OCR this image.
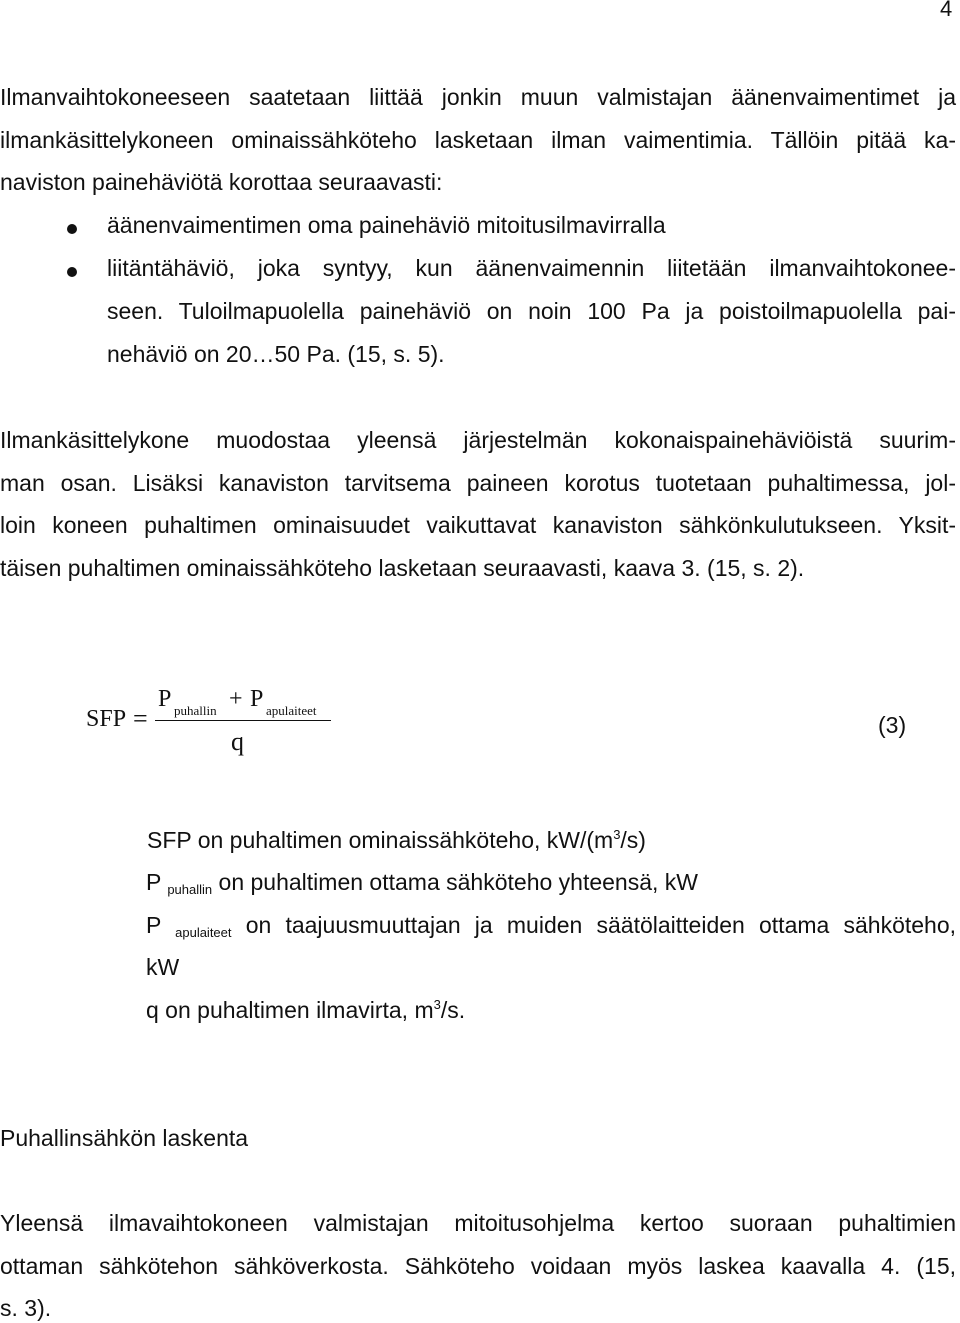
4
Ilmanvaihtokoneeseen saatetaan liittää jonkin muun valmistajan äänenvaimentimet ja
ilmankäsittelykoneen ominaissähköteho lasketaan ilman vaimentimia. Tällöin pitää ka-
naviston painehäviötä korottaa seuraavasti:
äänenvaimentimen oma painehäviö mitoitusilmavirralla
liitäntähäviö, joka syntyy, kun äänenvaimennin liitetään ilmanvaihtokonee-
seen. Tuloilmapuolella painehäviö on noin 100 Pa ja poistoilmapuolella pai-
nehäviö on 20…50 Pa. (15, s. 5).
Ilmankäsittelykone muodostaa yleensä järjestelmän kokonaispainehäviöistä suurim-
man osan. Lisäksi kanaviston tarvitsema paineen korotus tuotetaan puhaltimessa, jol-
loin koneen puhaltimen ominaisuudet vaikuttavat kanaviston sähkönkulutukseen. Yksit-
täisen puhaltimen ominaissähköteho lasketaan seuraavasti, kaava 3. (15, s. 2).
SFP =
P puhallin + P apulaiteet
q
(3)
SFP on puhaltimen ominaissähköteho, $kW/(m^3/s)$
P puhallin on puhaltimen ottama sähköteho yhteensä, kW
P apulaiteet on taajuusmuuttajan ja muiden säätölaitteiden ottama sähköteho,
kW
q on puhaltimen ilmavirta, $m^3/s$.
Puhallinsähkön laskenta
Yleensä ilmavaihtokoneen valmistajan mitoitusohjelma kertoo suoraan puhaltimien
ottaman sähkötehon sähköverkosta. Sähköteho voidaan myös laskea kaavalla 4. (15,
s. 3).
